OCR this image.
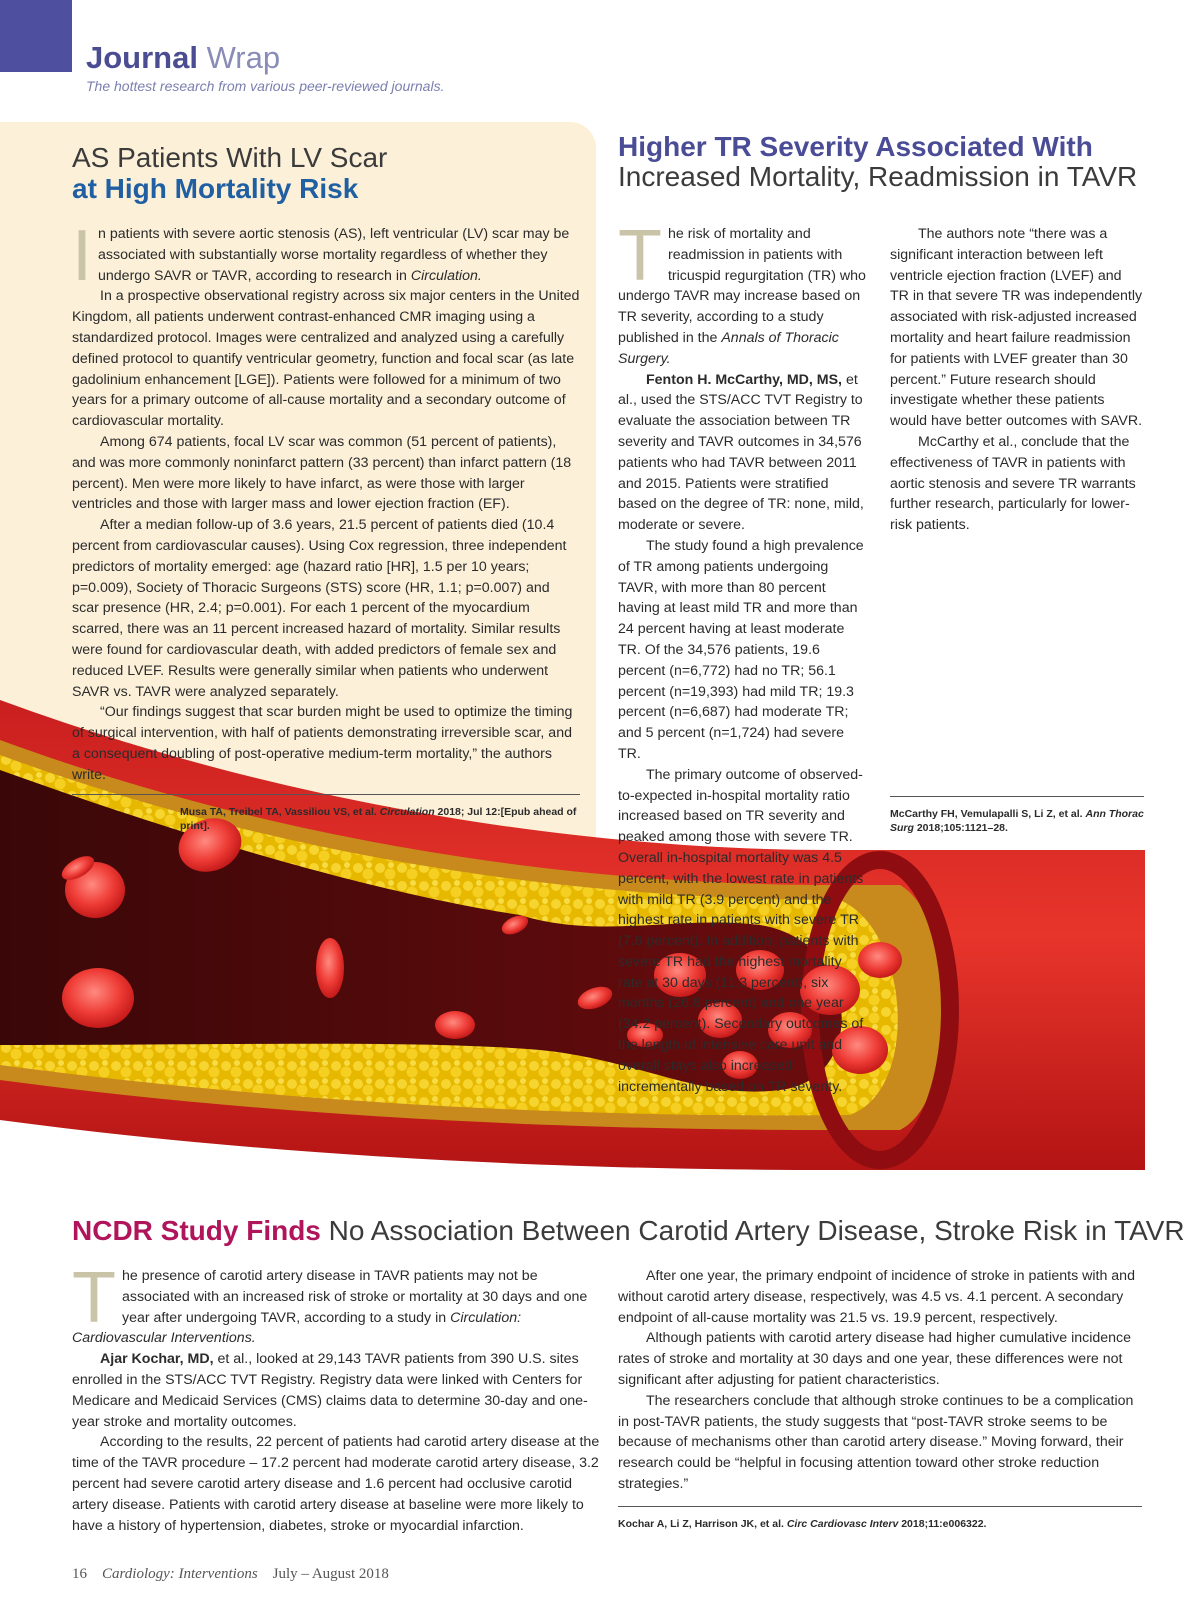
Journal Wrap
The hottest research from various peer-reviewed journals.
AS Patients With LV Scar
at High Mortality Risk

In patients with severe aortic stenosis (AS), left ventricular (LV) scar may be associated with substantially worse mortality regardless of whether they undergo SAVR or TAVR, according to research in Circulation.

In a prospective observational registry across six major centers in the United Kingdom, all patients underwent contrast-enhanced CMR imaging using a standardized protocol. Images were centralized and analyzed using a carefully defined protocol to quantify ventricular geometry, function and focal scar (as late gadolinium enhancement [LGE]). Patients were followed for a minimum of two years for a primary outcome of all-cause mortality and a secondary outcome of cardiovascular mortality.

Among 674 patients, focal LV scar was common (51 percent of patients), and was more commonly noninfarct pattern (33 percent) than infarct pattern (18 percent). Men were more likely to have infarct, as were those with larger ventricles and those with larger mass and lower ejection fraction (EF).

After a median follow-up of 3.6 years, 21.5 percent of patients died (10.4 percent from cardiovascular causes). Using Cox regression, three independent predictors of mortality emerged: age (hazard ratio [HR], 1.5 per 10 years; p=0.009), Society of Thoracic Surgeons (STS) score (HR, 1.1; p=0.007) and scar presence (HR, 2.4; p=0.001). For each 1 percent of the myocardium scarred, there was an 11 percent increased hazard of mortality. Similar results were found for cardiovascular death, with added predictors of female sex and reduced LVEF. Results were generally similar when patients who underwent SAVR vs. TAVR were analyzed separately.

“Our findings suggest that scar burden might be used to optimize the timing of surgical intervention, with half of patients demonstrating irreversible scar, and a consequent doubling of post-operative medium-term mortality,” the authors write.

Musa TA, Treibel TA, Vassiliou VS, et al. Circulation 2018; Jul 12:[Epub ahead of print].
Higher TR Severity Associated With
Increased Mortality, Readmission in TAVR

The risk of mortality and readmission in patients with tricuspid regurgitation (TR) who undergo TAVR may increase based on TR severity, according to a study published in the Annals of Thoracic Surgery.

Fenton H. McCarthy, MD, MS, et al., used the STS/ACC TVT Registry to evaluate the association between TR severity and TAVR outcomes in 34,576 patients who had TAVR between 2011 and 2015. Patients were stratified based on the degree of TR: none, mild, moderate or severe.

The study found a high prevalence of TR among patients undergoing TAVR, with more than 80 percent having at least mild TR and more than 24 percent having at least moderate TR. Of the 34,576 patients, 19.6 percent (n=6,772) had no TR; 56.1 percent (n=19,393) had mild TR; 19.3 percent (n=6,687) had moderate TR; and 5 percent (n=1,724) had severe TR.

The primary outcome of observed-to-expected in-hospital mortality ratio increased based on TR severity and peaked among those with severe TR. Overall in-hospital mortality was 4.5 percent, with the lowest rate in patients with mild TR (3.9 percent) and the highest rate in patients with severe TR (7.6 percent). In addition, patients with severe TR had the highest mortality rate at 30 days (11.3 percent), six months (26.8 percent) and one year (34.2 percent). Secondary outcomes of the length of intensive care unit and overall stays also increased incrementally based on TR severity.

The authors note “there was a significant interaction between left ventricle ejection fraction (LVEF) and TR in that severe TR was independently associated with risk-adjusted increased mortality and heart failure readmission for patients with LVEF greater than 30 percent.” Future research should investigate whether these patients would have better outcomes with SAVR.

McCarthy et al., conclude that the effectiveness of TAVR in patients with aortic stenosis and severe TR warrants further research, particularly for lower-risk patients.

McCarthy FH, Vemulapalli S, Li Z, et al. Ann Thorac Surg 2018;105:1121–28.
NCDR Study Finds No Association Between Carotid Artery Disease, Stroke Risk in TAVR

The presence of carotid artery disease in TAVR patients may not be associated with an increased risk of stroke or mortality at 30 days and one year after undergoing TAVR, according to a study in Circulation: Cardiovascular Interventions.

Ajar Kochar, MD, et al., looked at 29,143 TAVR patients from 390 U.S. sites enrolled in the STS/ACC TVT Registry. Registry data were linked with Centers for Medicare and Medicaid Services (CMS) claims data to determine 30-day and one-year stroke and mortality outcomes.

According to the results, 22 percent of patients had carotid artery disease at the time of the TAVR procedure – 17.2 percent had moderate carotid artery disease, 3.2 percent had severe carotid artery disease and 1.6 percent had occlusive carotid artery disease. Patients with carotid artery disease at baseline were more likely to have a history of hypertension, diabetes, stroke or myocardial infarction.

After one year, the primary endpoint of incidence of stroke in patients with and without carotid artery disease, respectively, was 4.5 vs. 4.1 percent. A secondary endpoint of all-cause mortality was 21.5 vs. 19.9 percent, respectively.

Although patients with carotid artery disease had higher cumulative incidence rates of stroke and mortality at 30 days and one year, these differences were not significant after adjusting for patient characteristics.

The researchers conclude that although stroke continues to be a complication in post-TAVR patients, the study suggests that “post-TAVR stroke seems to be because of mechanisms other than carotid artery disease.” Moving forward, their research could be “helpful in focusing attention toward other stroke reduction strategies.”

Kochar A, Li Z, Harrison JK, et al. Circ Cardiovasc Interv 2018;11:e006322.
16 Cardiology: Interventions July – August 2018
